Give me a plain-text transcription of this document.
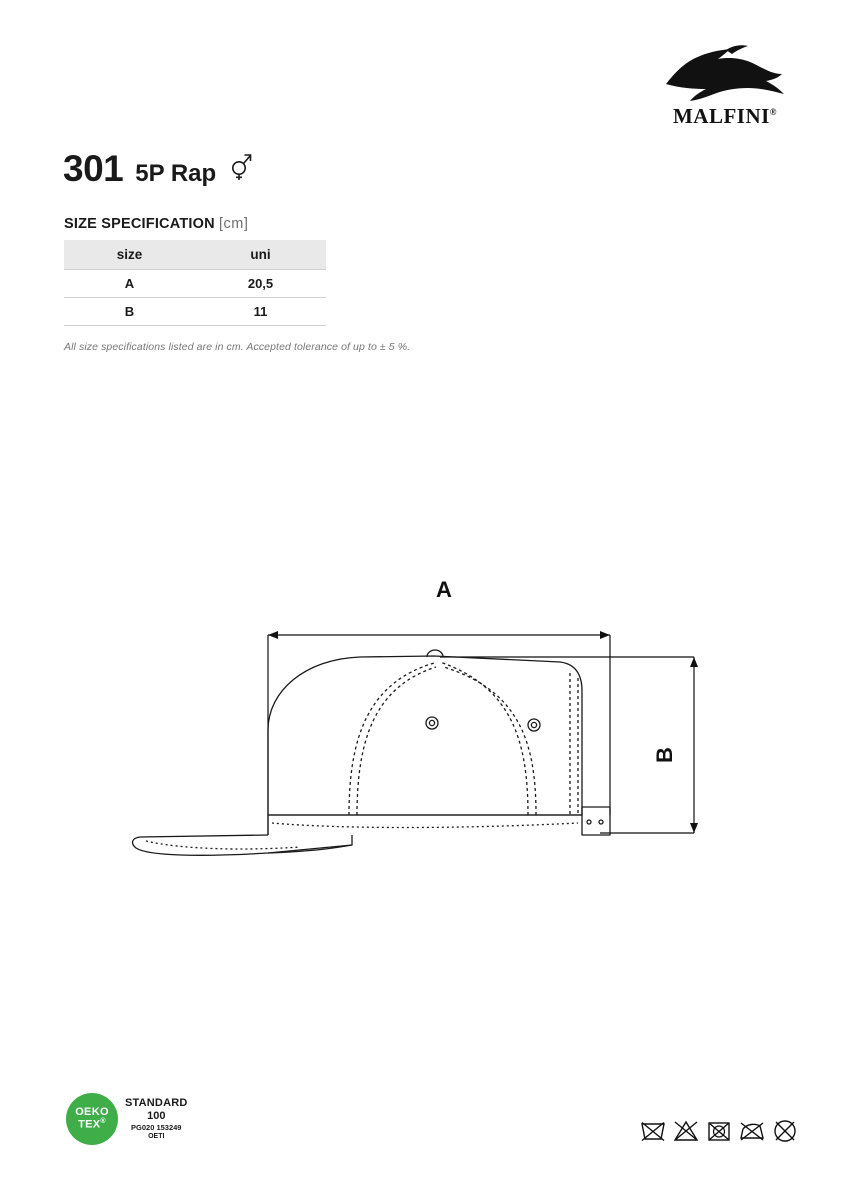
MALFINI®
301 5P Rap
SIZE SPECIFICATION [cm]
size	uni
A	20,5
B	11
All size specifications listed are in cm. Accepted tolerance of up to ± 5 %.
A
B
OEKO
TEX®
STANDARD
100
PG020 153249
OETI
